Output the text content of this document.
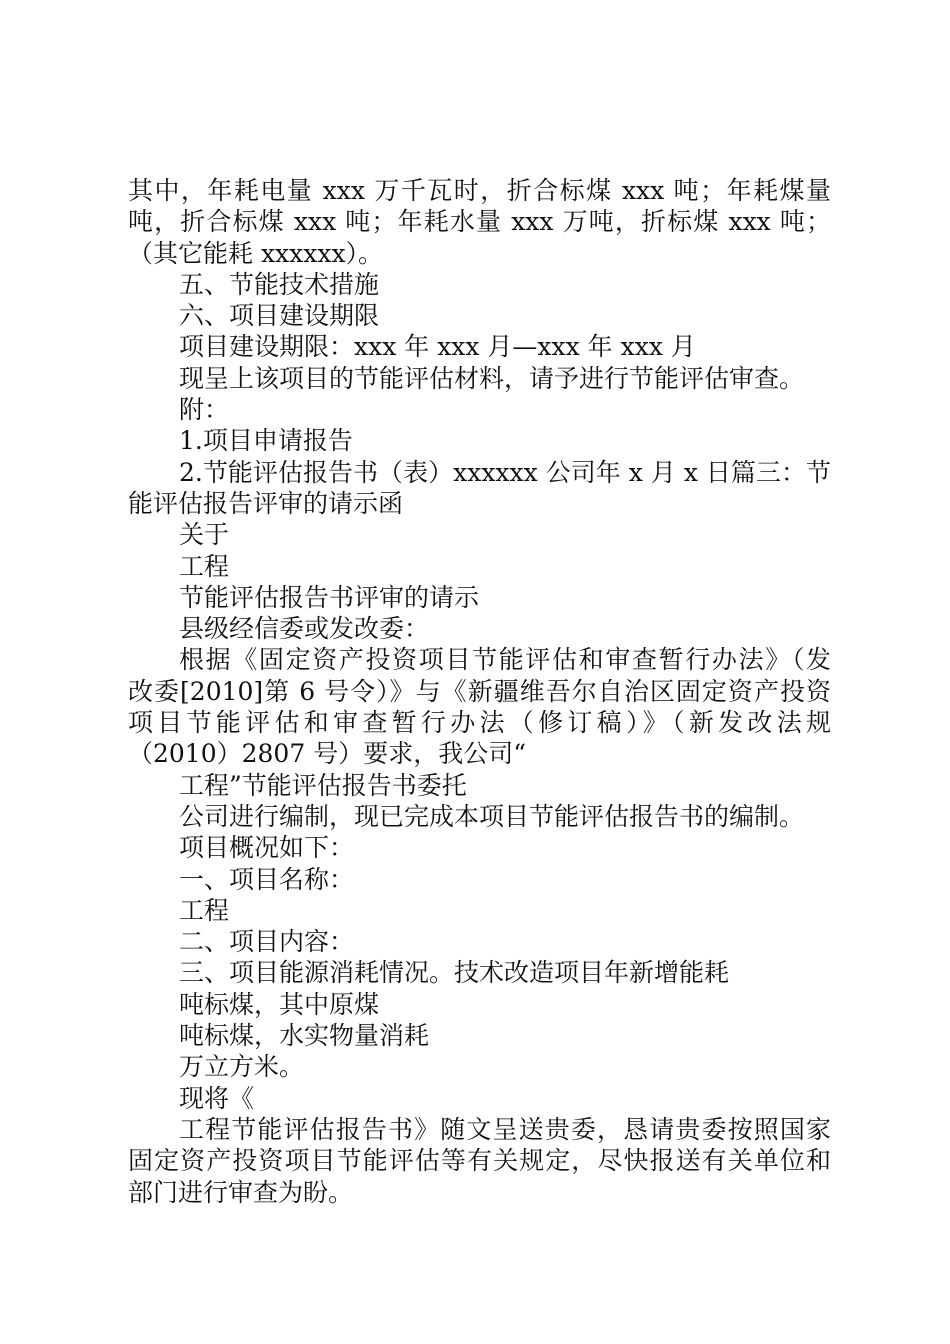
其中，年耗电量 xxx 万千瓦时，折合标煤 xxx 吨；年耗煤量
吨，折合标煤 xxx 吨；年耗水量 xxx 万吨，折标煤 xxx 吨；
（其它能耗 xxxxxx）。
五、节能技术措施
六、项目建设期限
项目建设期限：xxx 年 xxx 月—xxx 年 xxx 月
现呈上该项目的节能评估材料，请予进行节能评估审查。
附：
1.项目申请报告
2.节能评估报告书（表）xxxxxx 公司年 x 月 x 日篇三：节
能评估报告评审的请示函
关于
工程
节能评估报告书评审的请示
县级经信委或发改委：
根据《固定资产投资项目节能评估和审查暂行办法》（发
改委[2010]第 6 号令）》与《新疆维吾尔自治区固定资产投资
项目节能评估和审查暂行办法（修订稿）》（新发改法规
（2010）2807 号）要求，我公司“
工程”节能评估报告书委托
公司进行编制，现已完成本项目节能评估报告书的编制。
项目概况如下：
一、项目名称：
工程
二、项目内容：
三、项目能源消耗情况。技术改造项目年新增能耗
吨标煤，其中原煤
吨标煤，水实物量消耗
万立方米。
现将《
工程节能评估报告书》随文呈送贵委，恳请贵委按照国家
固定资产投资项目节能评估等有关规定，尽快报送有关单位和
部门进行审查为盼。
